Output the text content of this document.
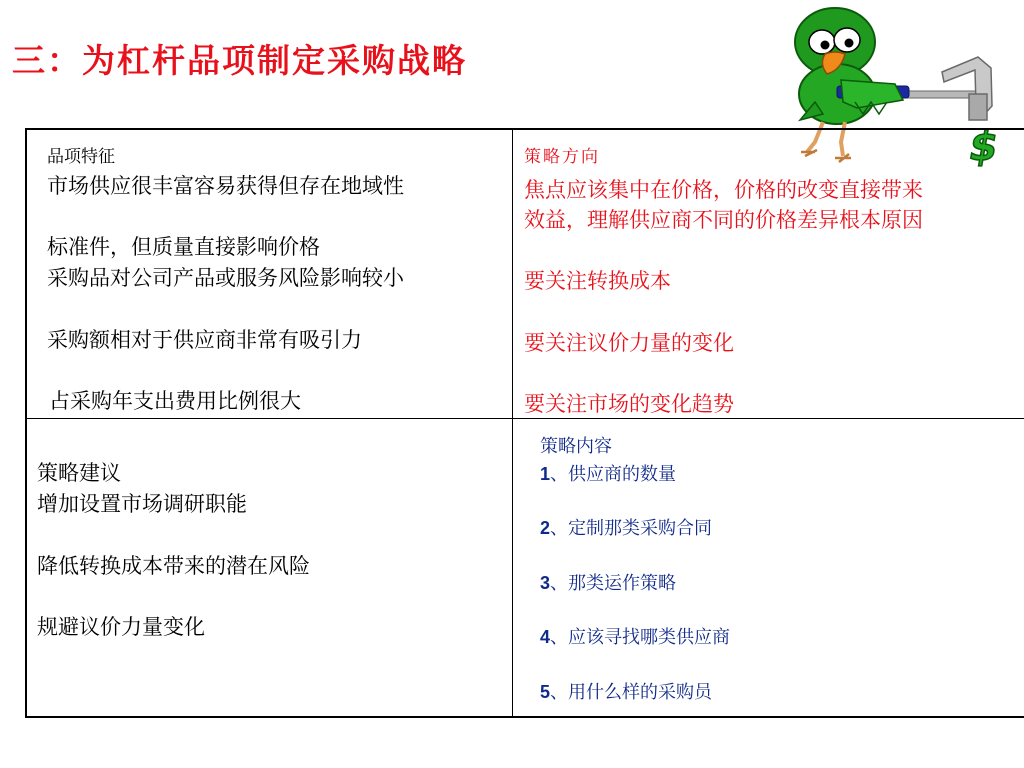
三：为杠杆品项制定采购战略
$
品项特征
市场供应很丰富容易获得但存在地域性
标准件，但质量直接影响价格
采购品对公司产品或服务风险影响较小
采购额相对于供应商非常有吸引力
占采购年支出费用比例很大
策略方向
焦点应该集中在价格，价格的改变直接带来
效益，理解供应商不同的价格差异根本原因
要关注转换成本
要关注议价力量的变化
要关注市场的变化趋势
策略建议
增加设置市场调研职能
降低转换成本带来的潜在风险
规避议价力量变化
策略内容
1、供应商的数量
2、定制那类采购合同
3、那类运作策略
4、应该寻找哪类供应商
5、用什么样的采购员
